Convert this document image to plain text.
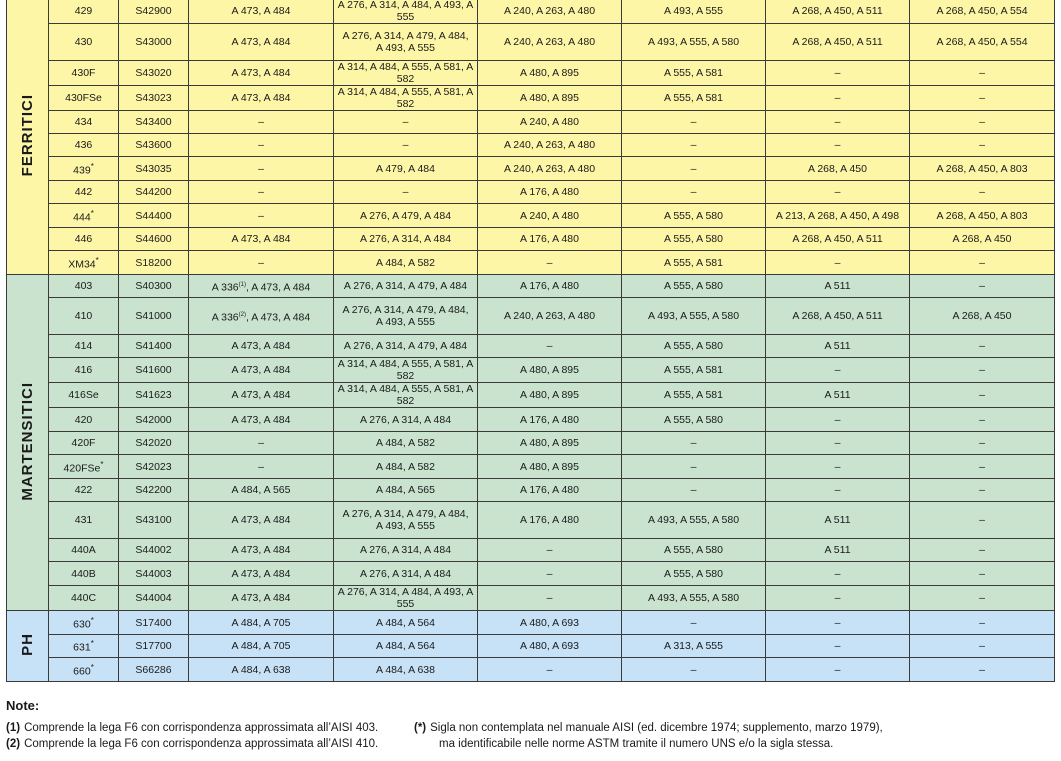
FERRITICI	429	S42900	A 473, A 484	A 276, A 314, A 484, A 493, A 555	A 240, A 263, A 480	A 493, A 555	A 268, A 450, A 511	A 268, A 450, A 554
	430	S43000	A 473, A 484	A 276, A 314, A 479, A 484,
A 493, A 555	A 240, A 263, A 480	A 493, A 555, A 580	A 268, A 450, A 511	A 268, A 450, A 554
	430F	S43020	A 473, A 484	A 314, A 484, A 555, A 581, A 582	A 480, A 895	A 555, A 581	–	–
	430FSe	S43023	A 473, A 484	A 314, A 484, A 555, A 581, A 582	A 480, A 895	A 555, A 581	–	–
	434	S43400	–	–	A 240, A 480	–	–	–
	436	S43600	–	–	A 240, A 263, A 480	–	–	–
	439*	S43035	–	A 479, A 484	A 240, A 263, A 480	–	A 268, A 450	A 268, A 450, A 803
	442	S44200	–	–	A 176, A 480	–	–	–
	444*	S44400	–	A 276, A 479, A 484	A 240, A 480	A 555, A 580	A 213, A 268, A 450, A 498	A 268, A 450, A 803
	446	S44600	A 473, A 484	A 276, A 314, A 484	A 176, A 480	A 555, A 580	A 268, A 450, A 511	A 268, A 450
	XM34*	S18200	–	A 484, A 582	–	A 555, A 581	–	–
MARTENSITICI	403	S40300	A 336$^{(1)}$, A 473, A 484	A 276, A 314, A 479, A 484	A 176, A 480	A 555, A 580	A 511	–
	410	S41000	A 336$^{(2)}$, A 473, A 484	A 276, A 314, A 479, A 484,
A 493, A 555	A 240, A 263, A 480	A 493, A 555, A 580	A 268, A 450, A 511	A 268, A 450
	414	S41400	A 473, A 484	A 276, A 314, A 479, A 484	–	A 555, A 580	A 511	–
	416	S41600	A 473, A 484	A 314, A 484, A 555, A 581, A 582	A 480, A 895	A 555, A 581	–	–
	416Se	S41623	A 473, A 484	A 314, A 484, A 555, A 581, A 582	A 480, A 895	A 555, A 581	A 511	–
	420	S42000	A 473, A 484	A 276, A 314, A 484	A 176, A 480	A 555, A 580	–	–
	420F	S42020	–	A 484, A 582	A 480, A 895	–	–	–
	420FSe*	S42023	–	A 484, A 582	A 480, A 895	–	–	–
	422	S42200	A 484, A 565	A 484, A 565	A 176, A 480	–	–	–
	431	S43100	A 473, A 484	A 276, A 314, A 479, A 484,
A 493, A 555	A 176, A 480	A 493, A 555, A 580	A 511	–
	440A	S44002	A 473, A 484	A 276, A 314, A 484	–	A 555, A 580	A 511	–
	440B	S44003	A 473, A 484	A 276, A 314, A 484	–	A 555, A 580	–	–
	440C	S44004	A 473, A 484	A 276, A 314, A 484, A 493, A 555	–	A 493, A 555, A 580	–	–
PH	630*	S17400	A 484, A 705	A 484, A 564	A 480, A 693	–	–	–
	631*	S17700	A 484, A 705	A 484, A 564	A 480, A 693	A 313, A 555	–	–
	660*	S66286	A 484, A 638	A 484, A 638	–	–	–	–
Note:
(1) Comprende la lega F6 con corrispondenza approssimata all’AISI 403.
(2) Comprende la lega F6 con corrispondenza approssimata all’AISI 410.
(*) Sigla non contemplata nel manuale AISI (ed. dicembre 1974; supplemento, marzo 1979),
ma identificabile nelle norme ASTM tramite il numero UNS e/o la sigla stessa.
